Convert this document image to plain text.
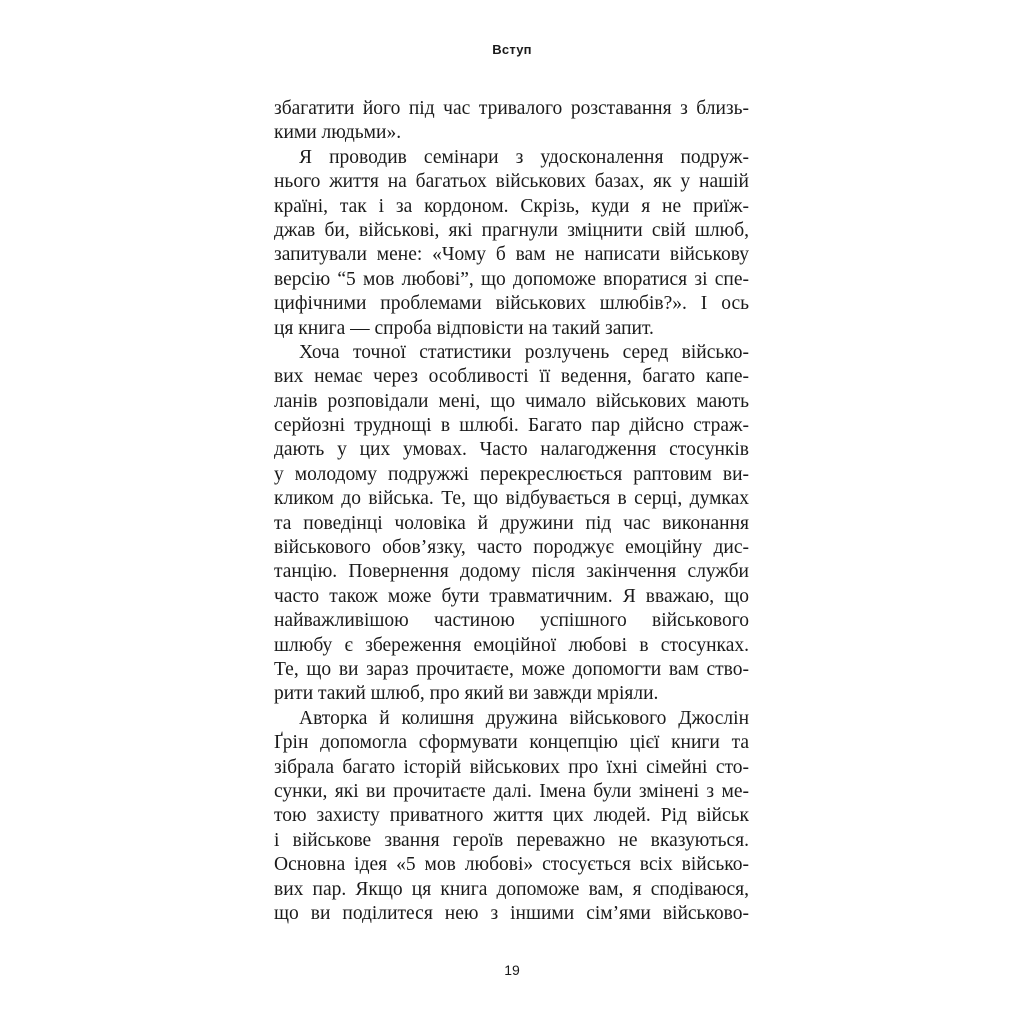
Вступ
збагатити його під час тривалого розставання з близь-
кими людьми».
Я проводив семінари з удосконалення подруж-
нього життя на багатьох військових базах, як у нашій
країні, так і за кордоном. Скрізь, куди я не приїж-
джав би, військові, які прагнули зміцнити свій шлюб,
запитували мене: «Чому б вам не написати військову
версію “5 мов любові”, що допоможе впоратися зі спе-
цифічними проблемами військових шлюбів?». І ось
ця книга — спроба відповісти на такий запит.
Хоча точної статистики розлучень серед військо-
вих немає через особливості її ведення, багато капе-
ланів розповідали мені, що чимало військових мають
серйозні труднощі в шлюбі. Багато пар дійсно страж-
дають у цих умовах. Часто налагодження стосунків
у молодому подружжі перекреслюється раптовим ви-
кликом до війська. Те, що відбувається в серці, думках
та поведінці чоловіка й дружини під час виконання
військового обов’язку, часто породжує емоційну дис-
танцію. Повернення додому після закінчення служби
часто також може бути травматичним. Я вважаю, що
найважливішою частиною успішного військового
шлюбу є збереження емоційної любові в стосунках.
Те, що ви зараз прочитаєте, може допомогти вам ство-
рити такий шлюб, про який ви завжди мріяли.
Авторка й колишня дружина військового Джослін
Ґрін допомогла сформувати концепцію цієї книги та
зібрала багато історій військових про їхні сімейні сто-
сунки, які ви прочитаєте далі. Імена були змінені з ме-
тою захисту приватного життя цих людей. Рід військ
і військове звання героїв переважно не вказуються.
Основна ідея «5 мов любові» стосується всіх військо-
вих пар. Якщо ця книга допоможе вам, я сподіваюся,
що ви поділитеся нею з іншими сім’ями військово-
19
